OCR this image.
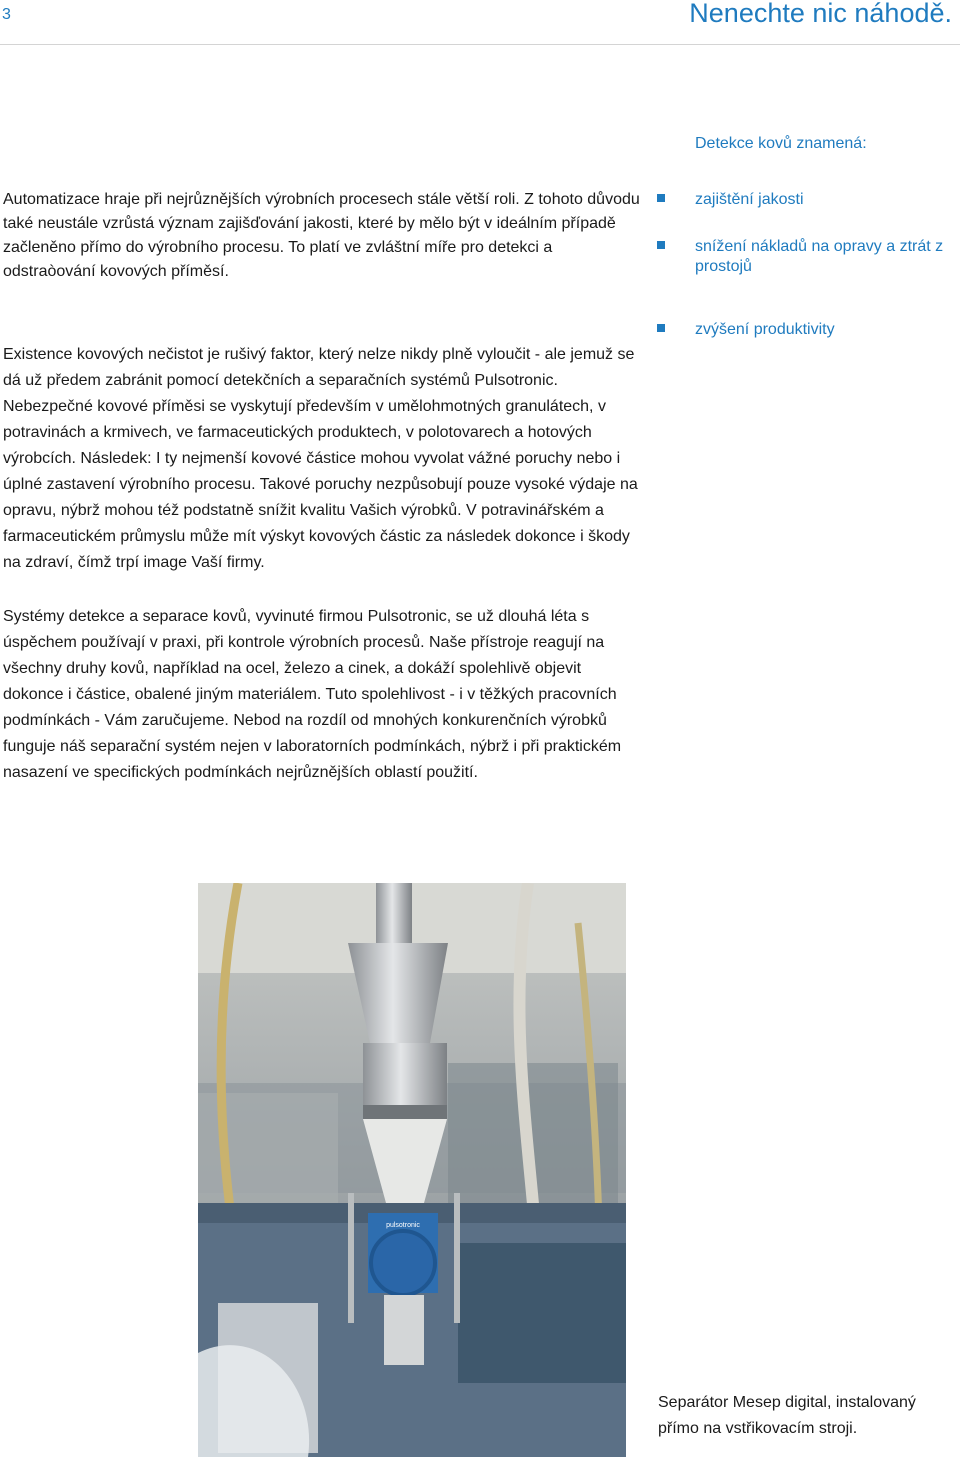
3	Nenechte nic náhodě.
Detekce kovů znamená:
zajištění jakosti
snížení nákladů na opravy a ztrát z prostojů
zvýšení produktivity

Automatizace hraje při nejrůznějších výrobních procesech stále větší roli. Z tohoto důvodu také neustále vzrůstá význam zajišďování jakosti, které by mělo být v ideálním případě začleněno přímo do výrobního procesu. To platí ve zvláštní míře pro detekci a odstraòování kovových příměsí.

Existence kovových nečistot je rušivý faktor, který nelze nikdy plně vyloučit - ale jemuž se dá už předem zabránit pomocí detekčních a separačních systémů Pulsotronic. Nebezpečné kovové příměsi se vyskytují především v umělohmotných granulátech, v potravinách a krmivech, ve farmaceutických produktech, v polotovarech a hotových výrobcích. Následek: I ty nejmenší kovové částice mohou vyvolat vážné poruchy nebo i úplné zastavení výrobního procesu. Takové poruchy nezpůsobují pouze vysoké výdaje na opravu, nýbrž mohou též podstatně snížit kvalitu Vašich výrobků. V potravinářském a farmaceutickém průmyslu může mít výskyt kovových částic za následek dokonce i škody na zdraví, čímž trpí image Vaší firmy.

Systémy detekce a separace kovů, vyvinuté firmou Pulsotronic, se už dlouhá léta s úspěchem používají v praxi, při kontrole výrobních procesů. Naše přístroje reagují na všechny druhy kovů, například na ocel, železo a cinek, a dokáží spolehlivě objevit dokonce i částice, obalené jiným materiálem. Tuto spolehlivost - i v těžkých pracovních podmínkách - Vám zaručujeme. Nebod na rozdíl od mnohých konkurenčních výrobků funguje náš separační systém nejen v laboratorních podmínkách, nýbrž i při praktickém nasazení ve specifických podmínkách nejrůznějších oblastí použití.

pulsotronic
Separátor Mesep digital, instalovaný přímo na vstřikovacím stroji.
